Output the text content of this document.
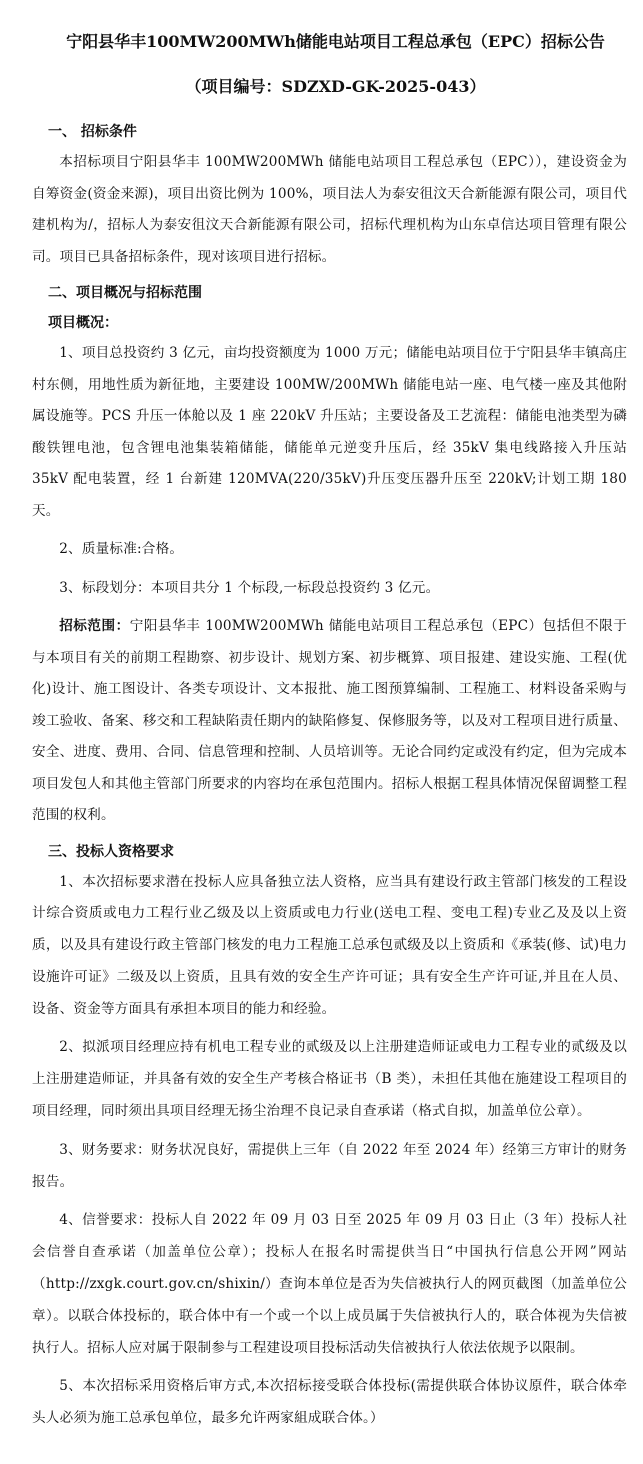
宁阳县华丰100MW200MWh储能电站项目工程总承包（EPC）招标公告
（项目编号：SDZXD-GK-2025-043）
一、 招标条件

本招标项目宁阳县华丰 100MW200MWh 储能电站项目工程总承包（EPC）），建设资金为自筹资金(资金来源)，项目出资比例为 100%，项目法人为泰安徂汶天合新能源有限公司，项目代建机构为/，招标人为泰安徂汶天合新能源有限公司，招标代理机构为山东卓信达项目管理有限公司。项目已具备招标条件，现对该项目进行招标。

二、项目概况与招标范围
项目概况：

1、项目总投资约 3 亿元，亩均投资额度为 1000 万元；储能电站项目位于宁阳县华丰镇高庄村东侧，用地性质为新征地，主要建设 100MW/200MWh 储能电站一座、电气楼一座及其他附属设施等。PCS 升压一体舱以及 1 座 220kV 升压站；主要设备及工艺流程：储能电池类型为磷酸铁锂电池，包含锂电池集装箱储能，储能单元逆变升压后，经 35kV 集电线路接入升压站 35kV 配电装置，经 1 台新建 120MVA(220/35kV)升压变压器升压至 220kV;计划工期 180 天。

2、质量标准:合格。

3、标段划分：本项目共分 1 个标段,一标段总投资约 3 亿元。

招标范围：宁阳县华丰 100MW200MWh 储能电站项目工程总承包（EPC）包括但不限于与本项目有关的前期工程勘察、初步设计、规划方案、初步概算、项目报建、建设实施、工程(优化)设计、施工图设计、各类专项设计、文本报批、施工图预算编制、工程施工、材料设备采购与竣工验收、备案、移交和工程缺陷责任期内的缺陷修复、保修服务等，以及对工程项目进行质量、安全、进度、费用、合同、信息管理和控制、人员培训等。无论合同约定或没有约定，但为完成本项目发包人和其他主管部门所要求的内容均在承包范围内。招标人根据工程具体情况保留调整工程范围的权利。

三、投标人资格要求

1、本次招标要求潜在投标人应具备独立法人资格，应当具有建设行政主管部门核发的工程设计综合资质或电力工程行业乙级及以上资质或电力行业(送电工程、变电工程)专业乙及及以上资质，以及具有建设行政主管部门核发的电力工程施工总承包贰级及以上资质和《承装(修、试)电力设施许可证》二级及以上资质，且具有效的安全生产许可证；具有安全生产许可证,并且在人员、设备、资金等方面具有承担本项目的能力和经验。

2、拟派项目经理应持有机电工程专业的贰级及以上注册建造师证或电力工程专业的贰级及以上注册建造师证，并具备有效的安全生产考核合格证书（B 类），未担任其他在施建设工程项目的项目经理，同时须出具项目经理无扬尘治理不良记录自查承诺（格式自拟，加盖单位公章）。

3、财务要求：财务状况良好，需提供上三年（自 2022 年至 2024 年）经第三方审计的财务报告。

4、信誉要求：投标人自 2022 年 09 月 03 日至 2025 年 09 月 03 日止（3 年）投标人社会信誉自查承诺（加盖单位公章）；投标人在报名时需提供当日“中国执行信息公开网”网站 （http://zxgk.court.gov.cn/shixin/）查询本单位是否为失信被执行人的网页截图（加盖单位公章）。以联合体投标的，联合体中有一个或一个以上成员属于失信被执行人的，联合体视为失信被执行人。招标人应对属于限制参与工程建设项目投标活动失信被执行人依法依规予以限制。

5、本次招标采用资格后审方式,本次招标接受联合体投标(需提供联合体协议原件，联合体牵头人必须为施工总承包单位，最多允许两家組成联合体。）
